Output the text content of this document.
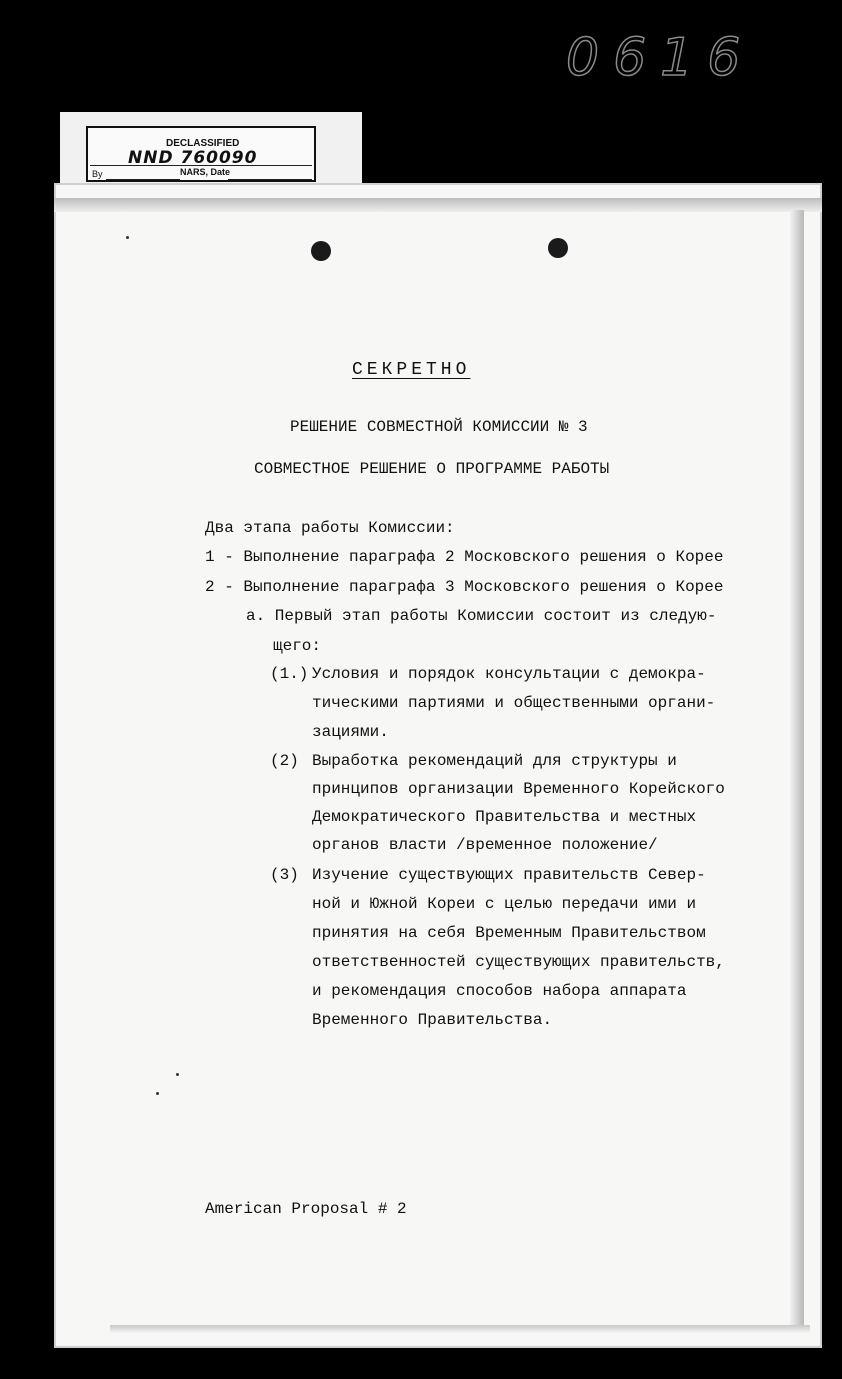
0616
DECLASSIFIED
NND 760090
By	NARS, Date
СЕКРЕТНО
РЕШЕНИЕ СОВМЕСТНОЙ КОМИССИИ № 3
СОВМЕСТНОЕ РЕШЕНИЕ О ПРОГРАММЕ РАБОТЫ
Два этапа работы Комиссии:
1 - Выполнение параграфа 2 Московского решения о Корее
2 - Выполнение параграфа 3 Московского решения о Корее
а. Первый этап работы Комиссии состоит из следую-
щего:
(1.) Условия и порядок консультации с демокра-
тическими партиями и общественными органи-
зациями.
(2) Выработка рекомендаций для структуры и
принципов организации Временного Корейского
Демократического Правительства и местных
органов власти /временное положение/
(3) Изучение существующих правительств Север-
ной и Южной Кореи с целью передачи ими и
принятия на себя Временным Правительством
ответственностей существующих правительств,
и рекомендация способов набора аппарата
Временного Правительства.
American Proposal # 2
